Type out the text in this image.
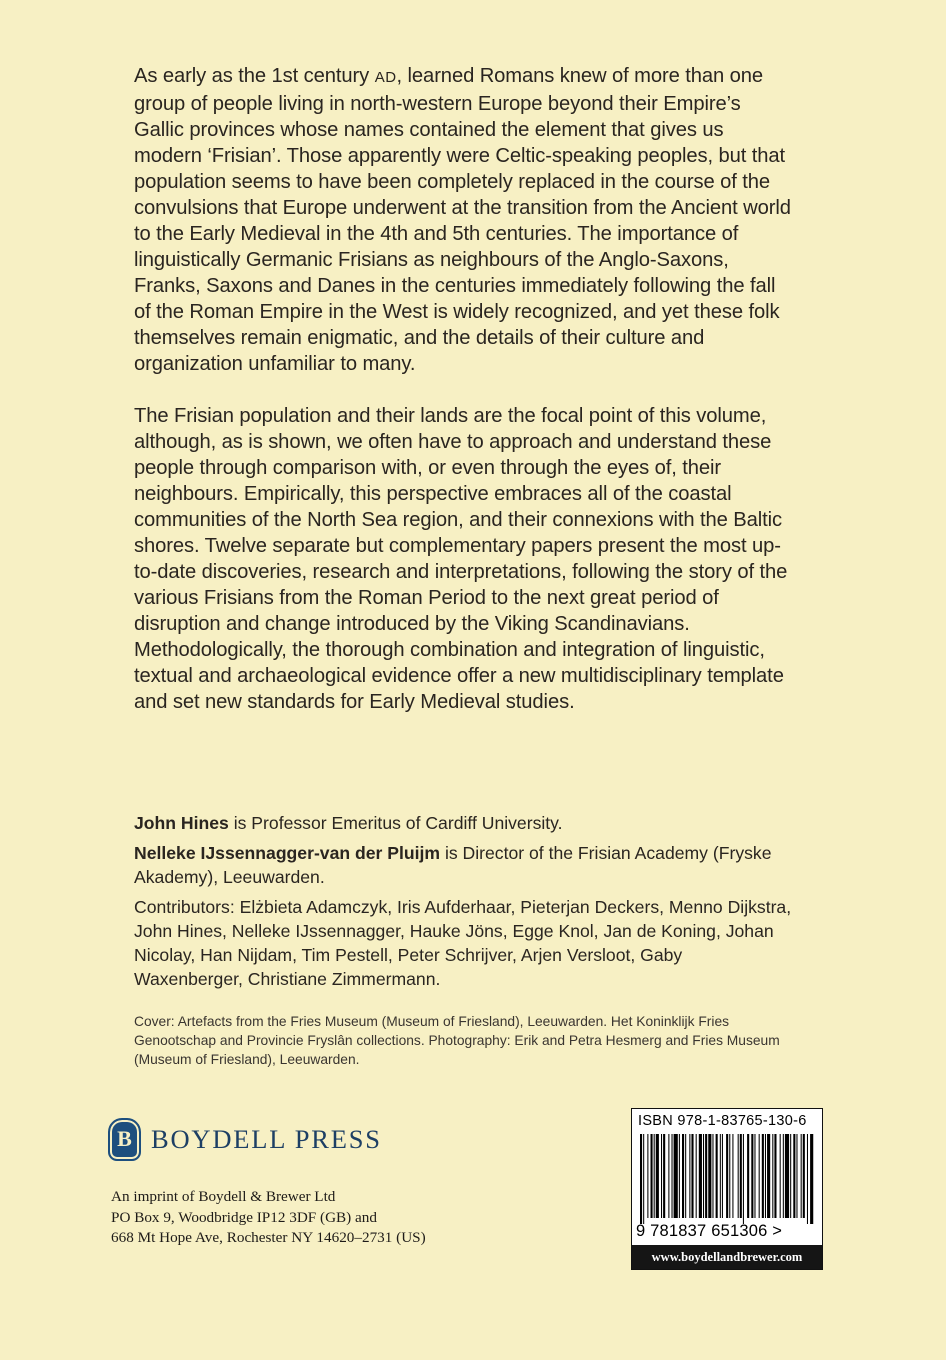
As early as the 1st century AD, learned Romans knew of more than one group of people living in north-western Europe beyond their Empire’s Gallic provinces whose names contained the element that gives us modern ‘Frisian’. Those apparently were Celtic-speaking peoples, but that population seems to have been completely replaced in the course of the convulsions that Europe underwent at the transition from the Ancient world to the Early Medieval in the 4th and 5th centuries. The importance of linguistically Germanic Frisians as neighbours of the Anglo-Saxons, Franks, Saxons and Danes in the centuries immediately following the fall of the Roman Empire in the West is widely recognized, and yet these folk themselves remain enigmatic, and the details of their culture and organization unfamiliar to many.

The Frisian population and their lands are the focal point of this volume, although, as is shown, we often have to approach and understand these people through comparison with, or even through the eyes of, their neighbours. Empirically, this perspective embraces all of the coastal communities of the North Sea region, and their connexions with the Baltic shores. Twelve separate but complementary papers present the most up-to-date discoveries, research and interpretations, following the story of the various Frisians from the Roman Period to the next great period of disruption and change introduced by the Viking Scandinavians. Methodologically, the thorough combination and integration of linguistic, textual and archaeological evidence offer a new multidisciplinary template and set new standards for Early Medieval studies.

John Hines is Professor Emeritus of Cardiff University.

Nelleke IJssennagger-van der Pluijm is Director of the Frisian Academy (Fryske Akademy), Leeuwarden.

Contributors: Elżbieta Adamczyk, Iris Aufderhaar, Pieterjan Deckers, Menno Dijkstra, John Hines, Nelleke IJssennagger, Hauke Jöns, Egge Knol, Jan de Koning, Johan Nicolay, Han Nijdam, Tim Pestell, Peter Schrijver, Arjen Versloot, Gaby Waxenberger, Christiane Zimmermann.

Cover: Artefacts from the Fries Museum (Museum of Friesland), Leeuwarden. Het Koninklijk Fries Genootschap and Provincie Fryslân collections. Photography: Erik and Petra Hesmerg and Fries Museum (Museum of Friesland), Leeuwarden.
B BOYDELL PRESS
An imprint of Boydell & Brewer Ltd
PO Box 9, Woodbridge IP12 3DF (GB) and
668 Mt Hope Ave, Rochester NY 14620–2731 (US)
ISBN 978-1-83765-130-6
9 781837 651306 >
www.boydellandbrewer.com
